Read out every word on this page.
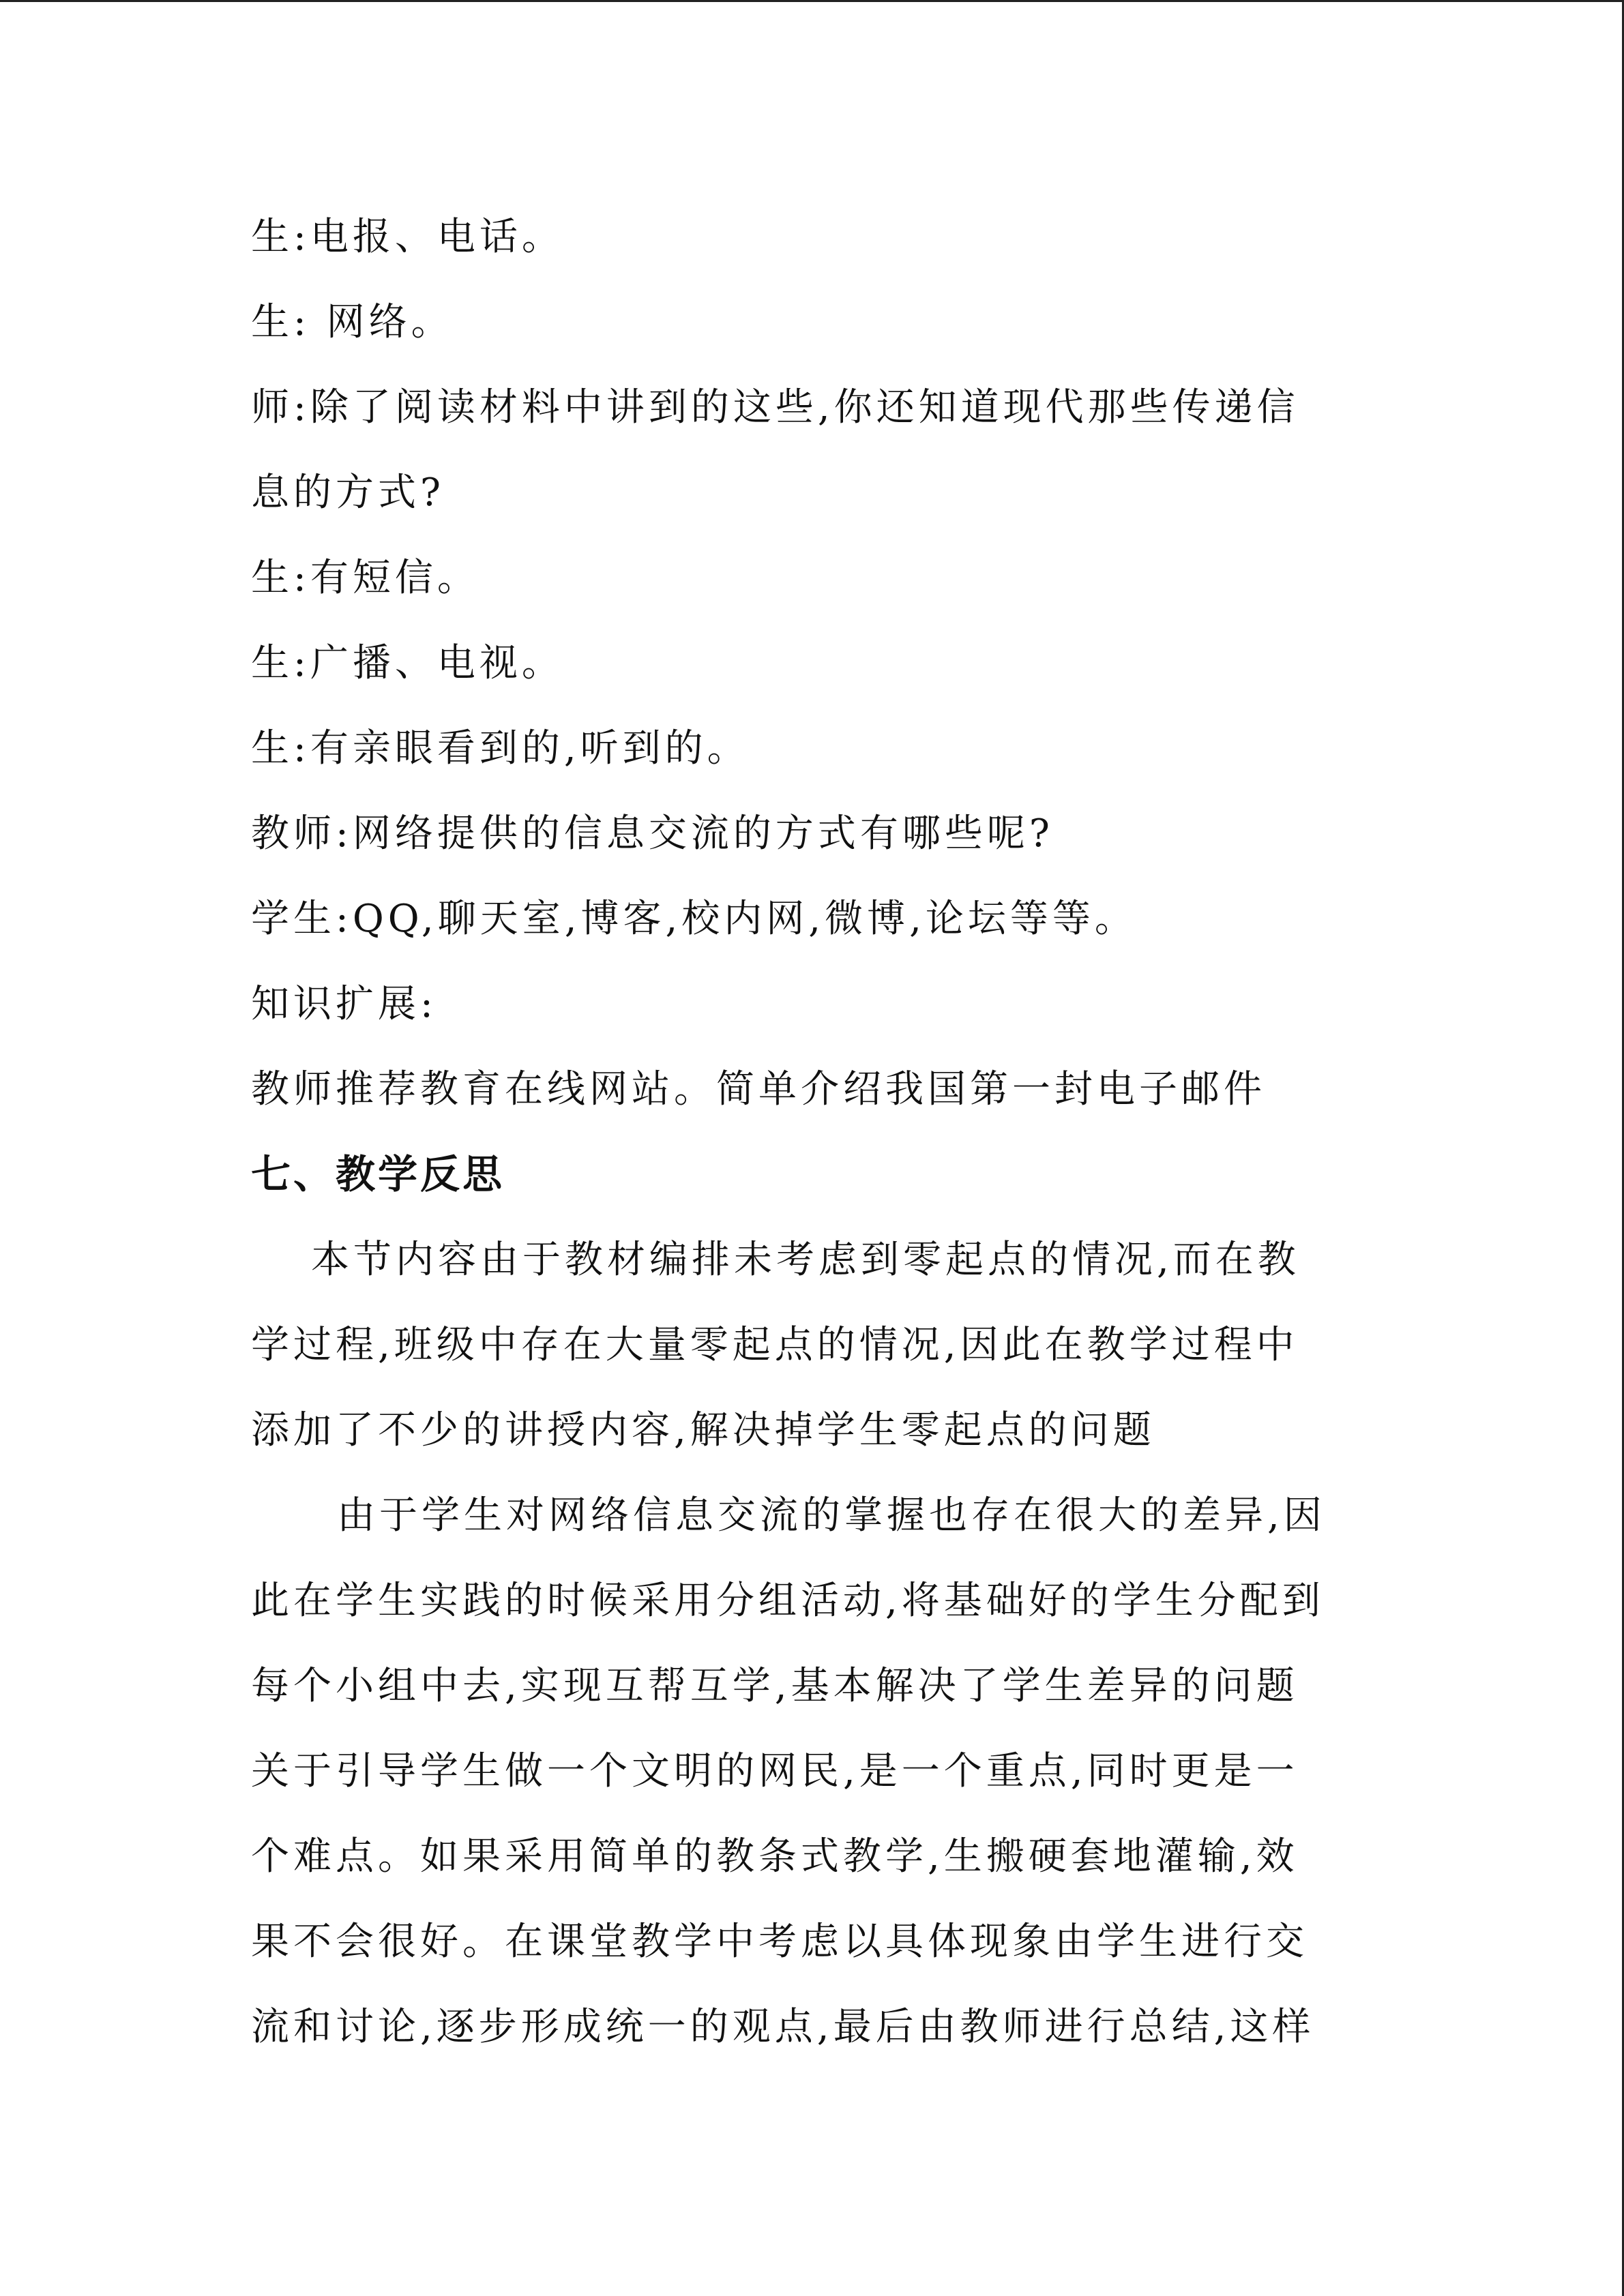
生:电报、电话。
生: 网络。
师:除了阅读材料中讲到的这些,你还知道现代那些传递信
息的方式?
生:有短信。
生:广播、电视。
生:有亲眼看到的,听到的。
教师:网络提供的信息交流的方式有哪些呢?
学生:QQ,聊天室,博客,校内网,微博,论坛等等。
知识扩展:
教师推荐教育在线网站。简单介绍我国第一封电子邮件
七、教学反思
本节内容由于教材编排未考虑到零起点的情况,而在教
学过程,班级中存在大量零起点的情况,因此在教学过程中
添加了不少的讲授内容,解决掉学生零起点的问题
由于学生对网络信息交流的掌握也存在很大的差异,因
此在学生实践的时候采用分组活动,将基础好的学生分配到
每个小组中去,实现互帮互学,基本解决了学生差异的问题
关于引导学生做一个文明的网民,是一个重点,同时更是一
个难点。如果采用简单的教条式教学,生搬硬套地灌输,效
果不会很好。在课堂教学中考虑以具体现象由学生进行交
流和讨论,逐步形成统一的观点,最后由教师进行总结,这样
